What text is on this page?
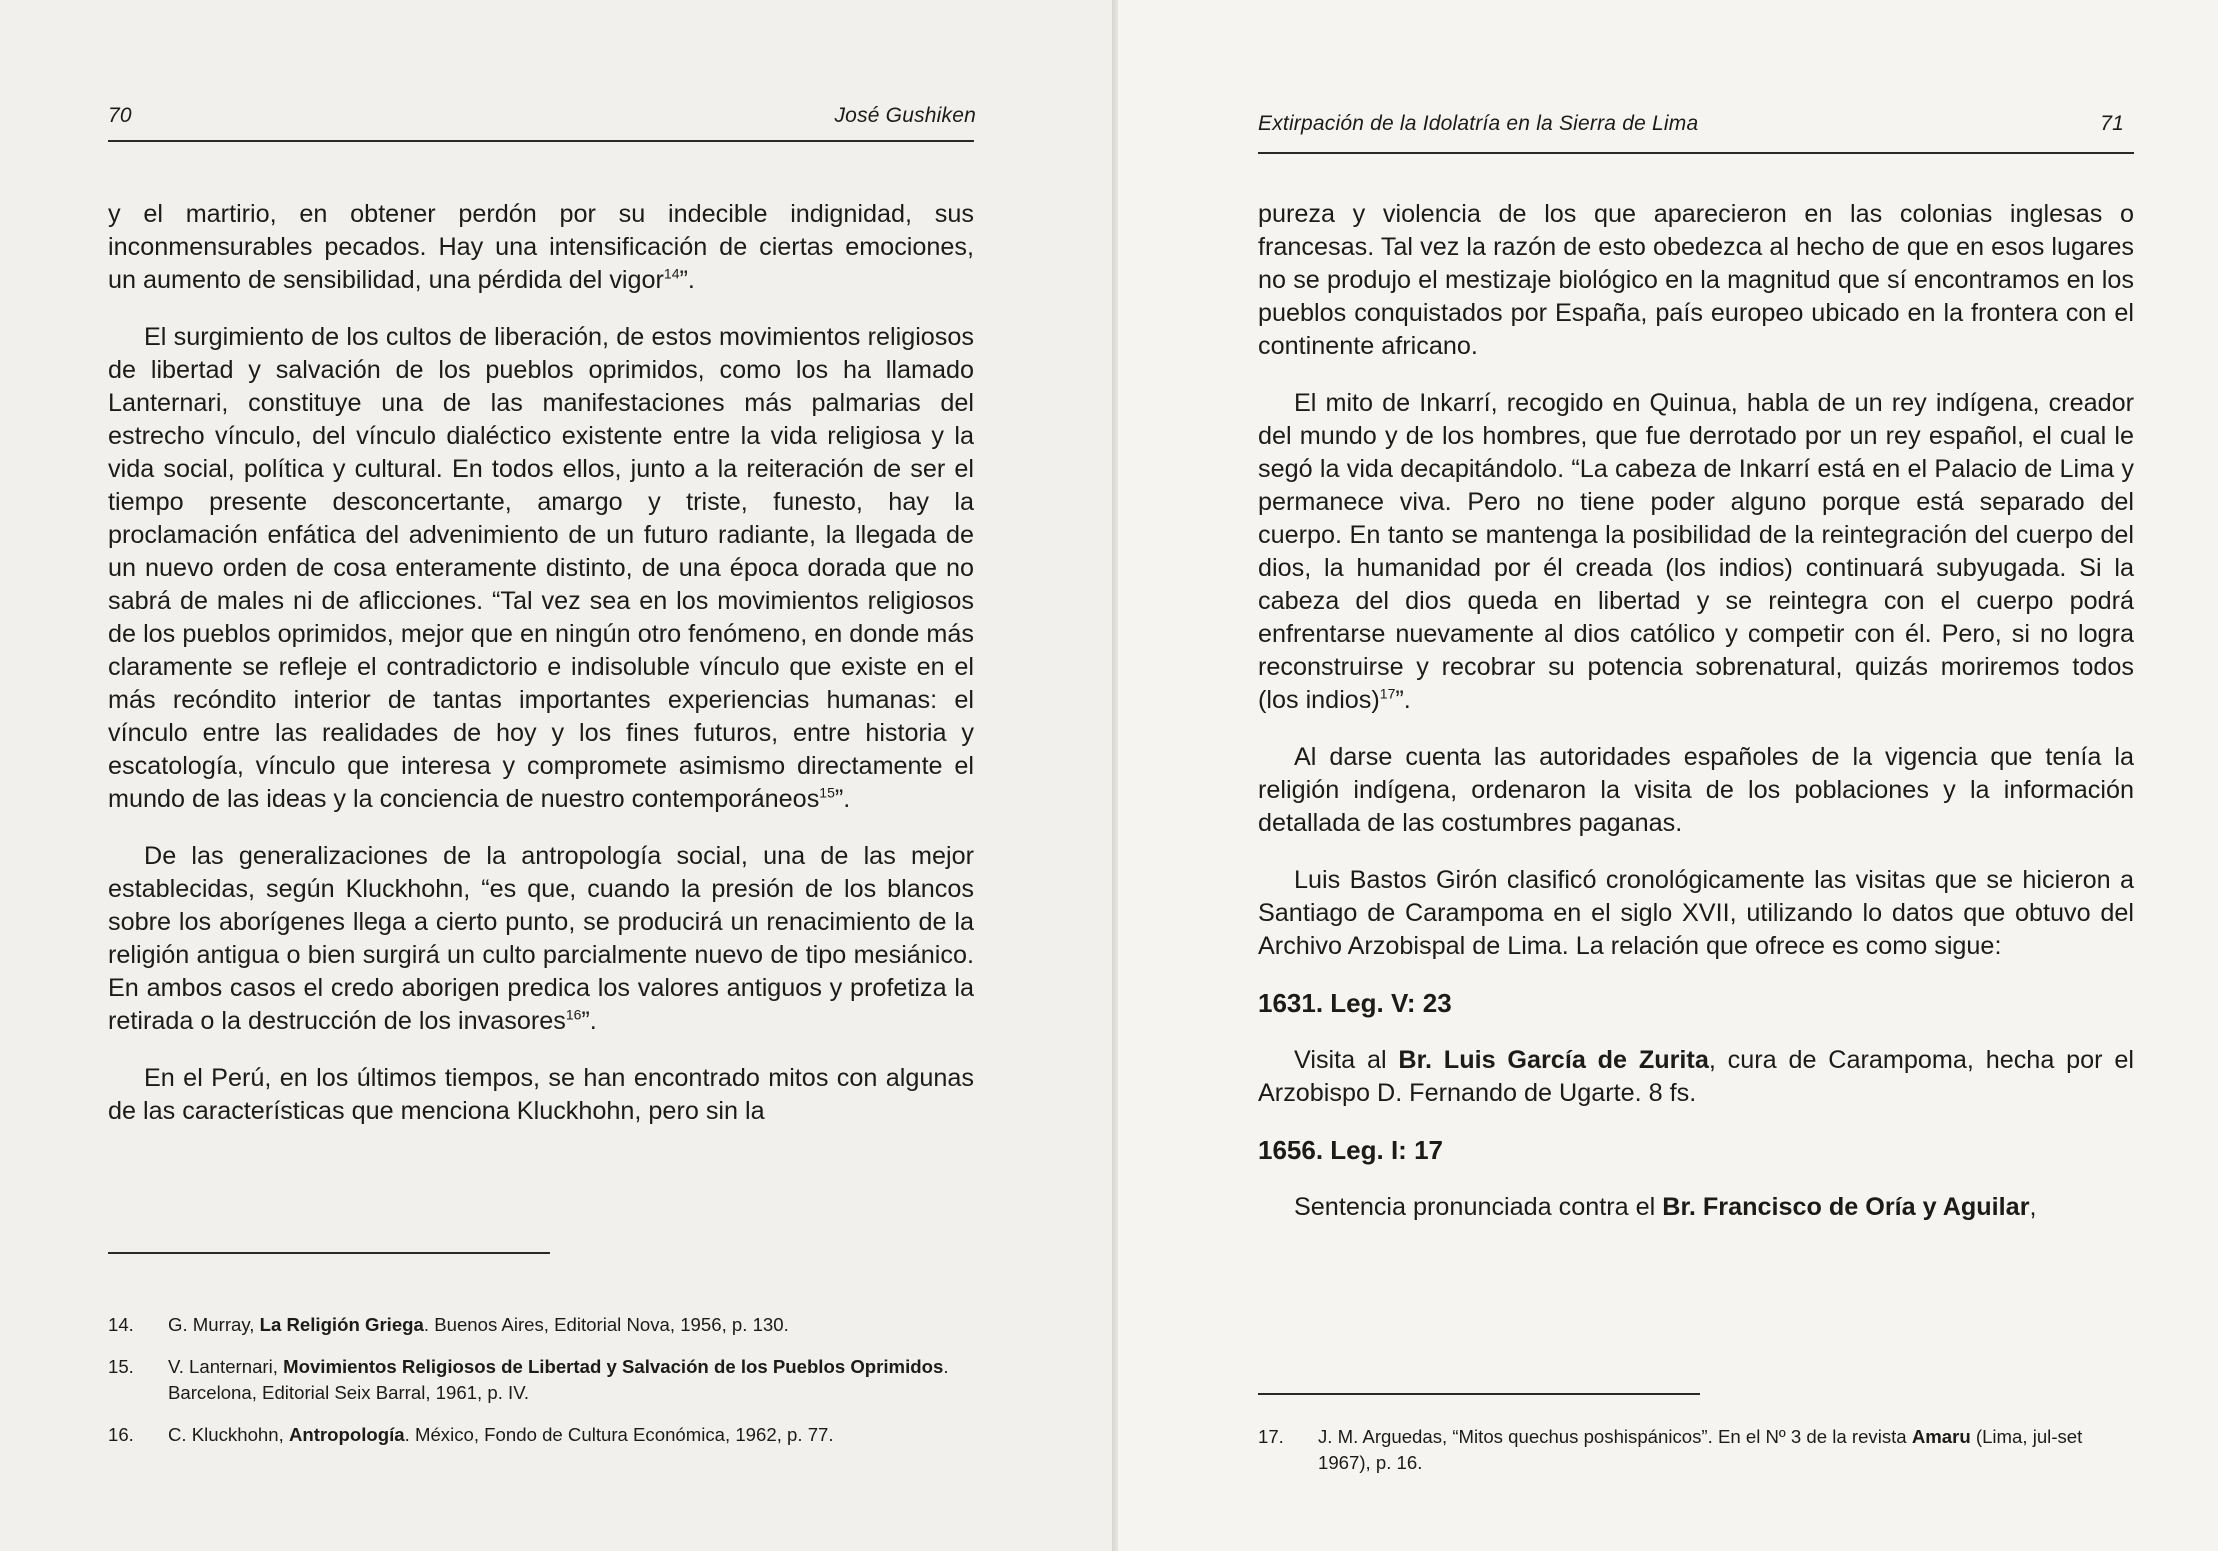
70	José Gushiken

y el martirio, en obtener perdón por su indecible indignidad, sus inconmensurables pecados. Hay una intensificación de ciertas emociones, un aumento de sensibilidad, una pérdida del vigor$^{14}$”.

El surgimiento de los cultos de liberación, de estos movimientos religiosos de libertad y salvación de los pueblos oprimidos, como los ha llamado Lanternari, constituye una de las manifestaciones más palmarias del estrecho vínculo, del vínculo dialéctico existente entre la vida religiosa y la vida social, política y cultural. En todos ellos, junto a la reiteración de ser el tiempo presente desconcertante, amargo y triste, funesto, hay la proclamación enfática del advenimiento de un futuro radiante, la llegada de un nuevo orden de cosa enteramente distinto, de una época dorada que no sabrá de males ni de aflicciones. “Tal vez sea en los movimientos religiosos de los pueblos oprimidos, mejor que en ningún otro fenómeno, en donde más claramente se refleje el contradictorio e indisoluble vínculo que existe en el más recóndito interior de tantas importantes experiencias humanas: el vínculo entre las realidades de hoy y los fines futuros, entre historia y escatología, vínculo que interesa y compromete asimismo directamente el mundo de las ideas y la conciencia de nuestro contemporáneos$^{15}$”.

De las generalizaciones de la antropología social, una de las mejor establecidas, según Kluckhohn, “es que, cuando la presión de los blancos sobre los aborígenes llega a cierto punto, se producirá un renacimiento de la religión antigua o bien surgirá un culto parcialmente nuevo de tipo mesiánico. En ambos casos el credo aborigen predica los valores antiguos y profetiza la retirada o la destrucción de los invasores$^{16}$”.

En el Perú, en los últimos tiempos, se han encontrado mitos con algunas de las características que menciona Kluckhohn, pero sin la

14.	G. Murray, La Religión Griega. Buenos Aires, Editorial Nova, 1956, p. 130.
15.	V. Lanternari, Movimientos Religiosos de Libertad y Salvación de los Pueblos Oprimidos. Barcelona, Editorial Seix Barral, 1961, p. IV.
16.	C. Kluckhohn, Antropología. México, Fondo de Cultura Económica, 1962, p. 77.
Extirpación de la Idolatría en la Sierra de Lima	71

pureza y violencia de los que aparecieron en las colonias inglesas o francesas. Tal vez la razón de esto obedezca al hecho de que en esos lugares no se produjo el mestizaje biológico en la magnitud que sí encontramos en los pueblos conquistados por España, país europeo ubicado en la frontera con el continente africano.

El mito de Inkarrí, recogido en Quinua, habla de un rey indígena, creador del mundo y de los hombres, que fue derrotado por un rey español, el cual le segó la vida decapitándolo. “La cabeza de Inkarrí está en el Palacio de Lima y permanece viva. Pero no tiene poder alguno porque está separado del cuerpo. En tanto se mantenga la posibilidad de la reintegración del cuerpo del dios, la humanidad por él creada (los indios) continuará subyugada. Si la cabeza del dios queda en libertad y se reintegra con el cuerpo podrá enfrentarse nuevamente al dios católico y competir con él. Pero, si no logra reconstruirse y recobrar su potencia sobrenatural, quizás moriremos todos (los indios)$^{17}$”.

Al darse cuenta las autoridades españoles de la vigencia que tenía la religión indígena, ordenaron la visita de los poblaciones y la información detallada de las costumbres paganas.

Luis Bastos Girón clasificó cronológicamente las visitas que se hicieron a Santiago de Carampoma en el siglo XVII, utilizando lo datos que obtuvo del Archivo Arzobispal de Lima. La relación que ofrece es como sigue:

1631. Leg. V: 23

Visita al Br. Luis García de Zurita, cura de Carampoma, hecha por el Arzobispo D. Fernando de Ugarte. 8 fs.

1656. Leg. I: 17

Sentencia pronunciada contra el Br. Francisco de Oría y Aguilar,

17.	J. M. Arguedas, “Mitos quechus poshispánicos”. En el Nº 3 de la revista Amaru (Lima, jul-set 1967), p. 16.
